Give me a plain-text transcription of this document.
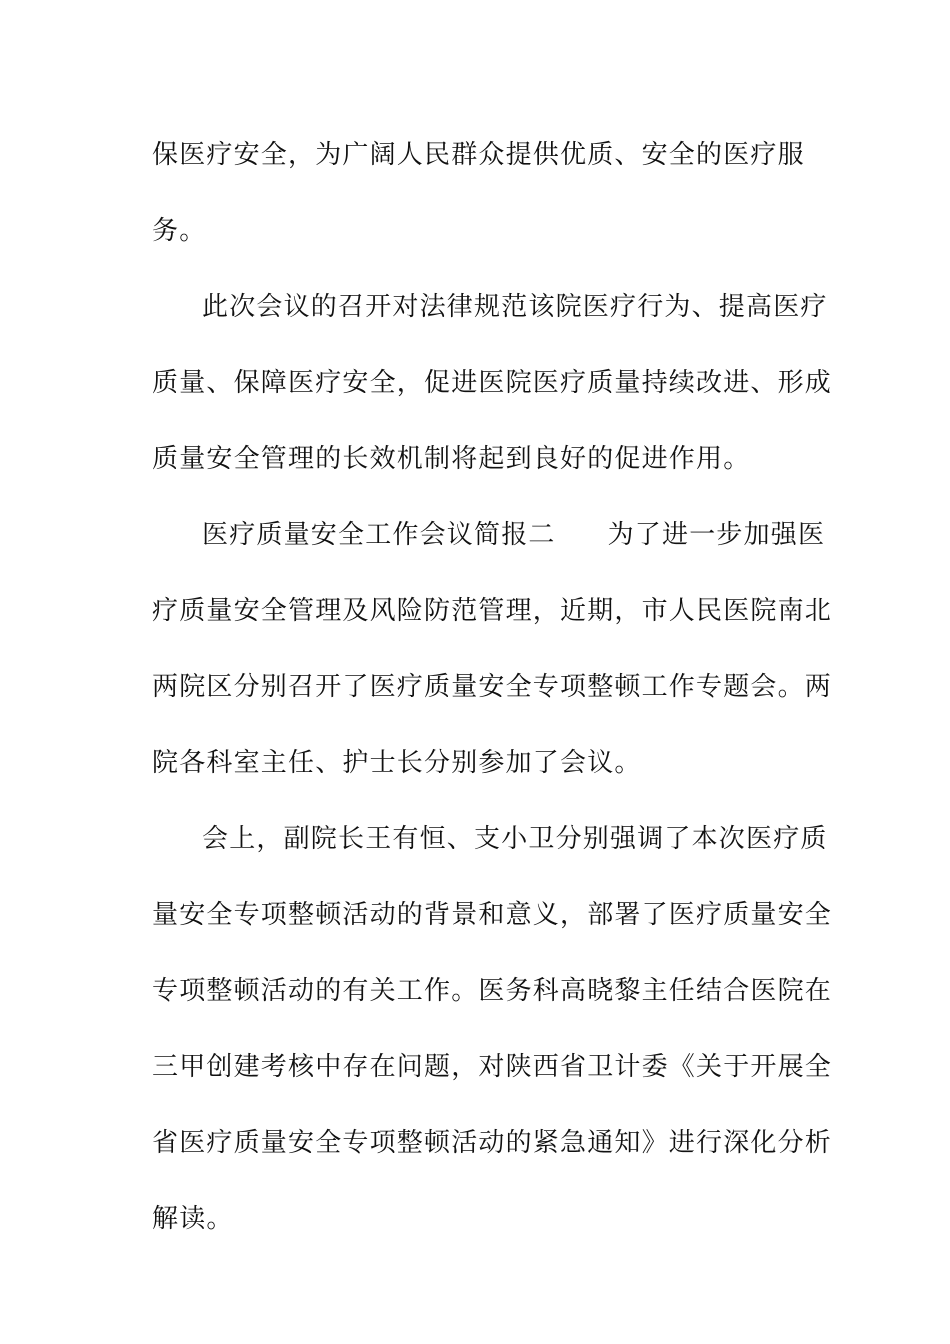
保医疗安全，为广阔人民群众提供优质、安全的医疗服
务。
此次会议的召开对法律规范该院医疗行为、提高医疗
质量、保障医疗安全，促进医院医疗质量持续改进、形成
质量安全管理的长效机制将起到良好的促进作用。
医疗质量安全工作会议简报二 为了进一步加强医
疗质量安全管理及风险防范管理，近期，市人民医院南北
两院区分别召开了医疗质量安全专项整顿工作专题会。两
院各科室主任、护士长分别参加了会议。
会上，副院长王有恒、支小卫分别强调了本次医疗质
量安全专项整顿活动的背景和意义，部署了医疗质量安全
专项整顿活动的有关工作。医务科高晓黎主任结合医院在
三甲创建考核中存在问题，对陕西省卫计委《关于开展全
省医疗质量安全专项整顿活动的紧急通知》进行深化分析
解读。
